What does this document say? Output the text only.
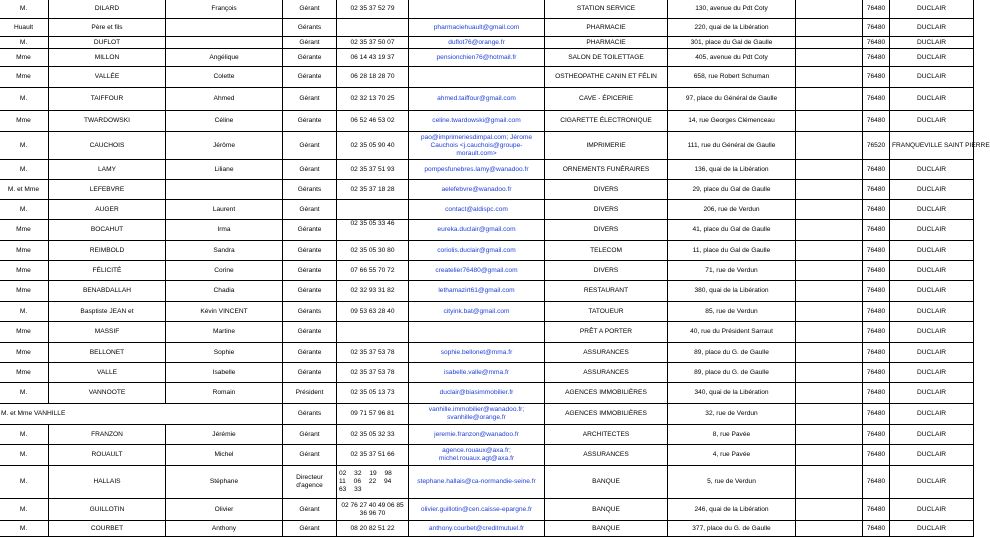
M.	DILARD	François	Gérant	02 35 37 52 79		STATION SERVICE	130, avenue du Pdt Coty		76480	DUCLAIR
Huault	Père et fils		Gérants		pharmaciehuault@gmail.com	PHARMACIE	220, quai de la Libération		76480	DUCLAIR
M.	DUFLOT		Gérant	02 35 37 50 07	duflot76@orange.fr	PHARMACIE	301, place du Gal de Gaulle		76480	DUCLAIR
Mme	MILLON	Angélique	Gérante	06 14 43 19 37	pensionchien76@hotmail.fr	SALON DE TOILETTAGE	405, avenue du Pdt Coty		76480	DUCLAIR
Mme	VALLÉE	Colette	Gérante	06 28 18 28 70		OSTHEOPATHE CANIN ET FÉLIN	658, rue Robert Schuman		76480	DUCLAIR
M.	TAIFFOUR	Ahmed	Gérant	02 32 13 70 25	ahmed.taiffour@gmail.com	CAVE - ÉPICERIE	97, place du Général de Gaulle		76480	DUCLAIR
Mme	TWARDOWSKI	Céline	Gérante	06 52 46 53 02	celine.twardowski@gmail.com	CIGARETTE ÉLECTRONIQUE	14, rue Georges Clémenceau		76480	DUCLAIR
M.	CAUCHOIS	Jérôme	Gérant	02 35 05 90 40	pao@imprimeriesdimpal.com; Jérome Cauchois <j.cauchois@groupe-morault.com>	IMPRIMERIE	111, rue du Général de Gaulle		76520	FRANQUEVILLE SAINT PIERRE
M.	LAMY	Liliane	Gérant	02 35 37 51 93	pompesfunebres.lamy@wanadoo.fr	ORNEMENTS FUNÉRAIRES	136, quai de la Libération		76480	DUCLAIR
M. et Mme	LEFEBVRE		Gérants	02 35 37 18 28	aelefebvre@wanadoo.fr	DIVERS	29, place du Gal de Gaulle		76480	DUCLAIR
M.	AUGER	Laurent	Gérant		contact@aldispc.com	DIVERS	206, rue de Verdun		76480	DUCLAIR
Mme	BOCAHUT	Irma	Gérante	02 35 05 33 46	eureka.duclair@gmail.com	DIVERS	41, place du Gal de Gaulle		76480	DUCLAIR
Mme	REIMBOLD	Sandra	Gérante	02 35 05 30 80	coriolis.duclair@gmail.com	TELECOM	11, place du Gal de Gaulle		76480	DUCLAIR
Mme	FÉLICITÉ	Corine	Gérante	07 66 55 70 72	createlier76480@gmail.com	DIVERS	71, rue de Verdun		76480	DUCLAIR
Mme	BENABDALLAH	Chadia	Gérante	02 32 93 31 82	lethamazirt61@gmail.com	RESTAURANT	380, quai de la Libération		76480	DUCLAIR
M.	Basptiste JEAN et	Kévin VINCENT	Gérants	09 53 63 28 40	cityink.bat@gmail.com	TATOUEUR	85, rue de Verdun		76480	DUCLAIR
Mme	MASSIF	Martine	Gérante			PRÊT A PORTER	40, rue du Président Sarraut		76480	DUCLAIR
Mme	BELLONET	Sophie	Gérante	02 35 37 53 78	sophie.bellonet@mma.fr	ASSURANCES	89, place du G. de Gaulle		76480	DUCLAIR
Mme	VALLE	Isabelle	Gérante	02 35 37 53 78	isabelle.valle@mma.fr	ASSURANCES	89, place du G. de Gaulle		76480	DUCLAIR
M.	VANNOOTE	Romain	Président	02 35 05 13 73	duclair@biasimmobilier.fr	AGENCES IMMOBILIÈRES	340, quai de la Libération		76480	DUCLAIR
M. et Mme VANHILLE			Gérants	09 71 57 96 81	vanhille.immobilier@wanadoo.fr; svanhille@orange.fr	AGENCES IMMOBILIÈRES	32, rue de Verdun		76480	DUCLAIR
M.	FRANZON	Jérémie	Gérant	02 35 05 32 33	jeremie.franzon@wanadoo.fr	ARCHITECTES	8, rue Pavée		76480	DUCLAIR
M.	ROUAULT	Michel	Gérant	02 35 37 51 66	agence.rouaux@axa.fr; michel.rouaux.agt@axa.fr	ASSURANCES	4, rue Pavée		76480	DUCLAIR
M.	HALLAIS	Stéphane	Directeur d'agence	02 32 19 98 11 06 22 94 63 33	stephane.hallais@ca-normandie-seine.fr	BANQUE	5, rue de Verdun		76480	DUCLAIR
M.	GUILLOTIN	Olivier	Gérant	02 76 27 40 49 06 85 36 96 70	olivier.guillotin@cen.caisse-epargne.fr	BANQUE	246, quai de la Libération		76480	DUCLAIR
M.	COURBET	Anthony	Gérant	08 20 82 51 22	anthony.courbet@creditmutuel.fr	BANQUE	377, place du G. de Gaulle		76480	DUCLAIR
